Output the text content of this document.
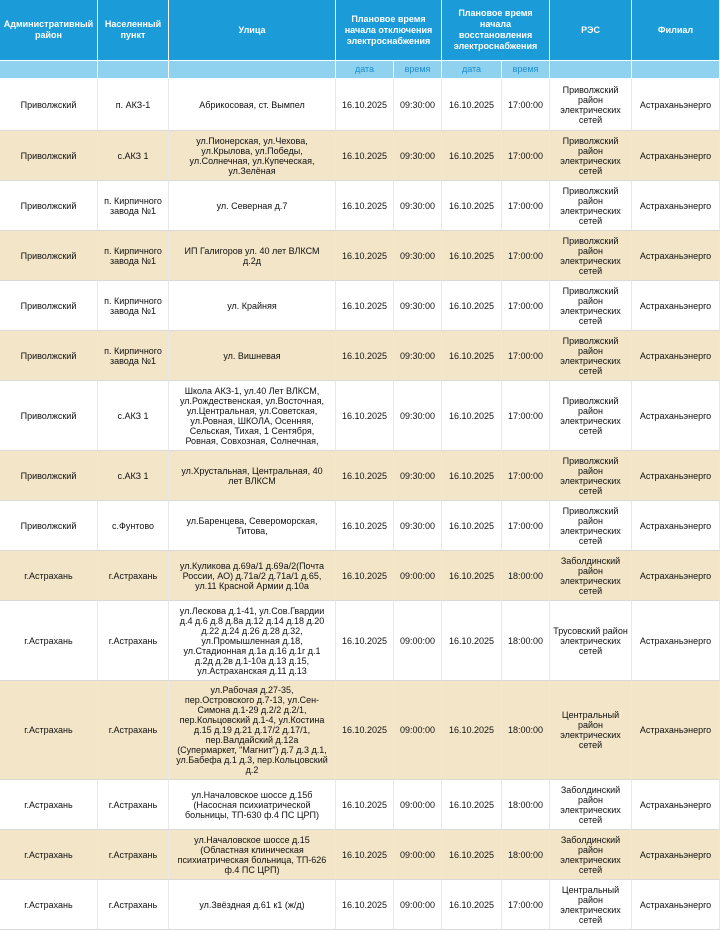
Административный район	Населенный пункт	Улица	Плановое время начала отключения электроснабжения		Плановое время начала восстановления электроснабжения		РЭС	Филиал
			дата	время	дата	время		
Приволжский	п. АКЗ-1	Абрикосовая, ст. Вымпел	16.10.2025	09:30:00	16.10.2025	17:00:00	Приволжский район электрических сетей	Астраханьэнерго
Приволжский	с.АКЗ 1	ул.Пионерская, ул.Чехова, ул.Крылова, ул.Победы, ул.Солнечная, ул.Купеческая, ул.Зелёная	16.10.2025	09:30:00	16.10.2025	17:00:00	Приволжский район электрических сетей	Астраханьэнерго
Приволжский	п. Кирпичного завода №1	ул. Северная д.7	16.10.2025	09:30:00	16.10.2025	17:00:00	Приволжский район электрических сетей	Астраханьэнерго
Приволжский	п. Кирпичного завода №1	ИП Галигоров ул. 40 лет ВЛКСМ д.2д	16.10.2025	09:30:00	16.10.2025	17:00:00	Приволжский район электрических сетей	Астраханьэнерго
Приволжский	п. Кирпичного завода №1	ул. Крайняя	16.10.2025	09:30:00	16.10.2025	17:00:00	Приволжский район электрических сетей	Астраханьэнерго
Приволжский	п. Кирпичного завода №1	ул. Вишневая	16.10.2025	09:30:00	16.10.2025	17:00:00	Приволжский район электрических сетей	Астраханьэнерго
Приволжский	с.АКЗ 1	Школа АКЗ-1, ул.40 Лет ВЛКСМ, ул.Рождественская, ул.Восточная, ул.Центральная, ул.Советская, ул.Ровная, ШКОЛА, Осенняя, Сельская, Тихая, 1 Сентября, Ровная, Совхозная, Солнечная,	16.10.2025	09:30:00	16.10.2025	17:00:00	Приволжский район электрических сетей	Астраханьэнерго
Приволжский	с.АКЗ 1	ул.Хрустальная, Центральная, 40 лет ВЛКСМ	16.10.2025	09:30:00	16.10.2025	17:00:00	Приволжский район электрических сетей	Астраханьэнерго
Приволжский	с.Фунтово	ул.Баренцева, Североморская, Титова,	16.10.2025	09:30:00	16.10.2025	17:00:00	Приволжский район электрических сетей	Астраханьэнерго
г.Астрахань	г.Астрахань	ул.Куликова д.69а/1 д.69а/2(Почта России, АО) д.71а/2 д.71а/1 д.65, ул.11 Красной Армии д.10а	16.10.2025	09:00:00	16.10.2025	18:00:00	Заболдинский район электрических сетей	Астраханьэнерго
г.Астрахань	г.Астрахань	ул.Лескова д.1-41, ул.Сов.Гвардии д.4 д.6 д.8 д.8а д.12 д.14 д.18 д.20 д.22 д.24 д.26 д.28 д.32, ул.Промышленная д.18, ул.Стадионная д.1а д.16 д.1г д.1 д.2д д.2в д.1-10а д.13 д.15, ул.Астраханская д.11 д.13	16.10.2025	09:00:00	16.10.2025	18:00:00	Трусовский район электрических сетей	Астраханьэнерго
г.Астрахань	г.Астрахань	ул.Рабочая д.27-35, пер.Островского д.7-13, ул.Сен-Симона д.1-29 д.2/2 д.2/1, пер.Кольцовский д.1-4, ул.Костина д.15 д.19 д.21 д.17/2 д.17/1, пер.Валдайский д.12а (Супермаркет, "Магнит") д.7 д.3 д.1, ул.Бабефа д.1 д.3, пер.Кольцовский д.2	16.10.2025	09:00:00	16.10.2025	18:00:00	Центральный район электрических сетей	Астраханьэнерго
г.Астрахань	г.Астрахань	ул.Началовское шоссе д.15б (Насосная психиатрической больницы, ТП-630 ф.4 ПС ЦРП)	16.10.2025	09:00:00	16.10.2025	18:00:00	Заболдинский район электрических сетей	Астраханьэнерго
г.Астрахань	г.Астрахань	ул.Началовское шоссе д.15 (Областная клиническая психиатрическая больница, ТП-626 ф.4 ПС ЦРП)	16.10.2025	09:00:00	16.10.2025	18:00:00	Заболдинский район электрических сетей	Астраханьэнерго
г.Астрахань	г.Астрахань	ул.Звёздная д.61 к1 (ж/д)	16.10.2025	09:00:00	16.10.2025	17:00:00	Центральный район электрических сетей	Астраханьэнерго
